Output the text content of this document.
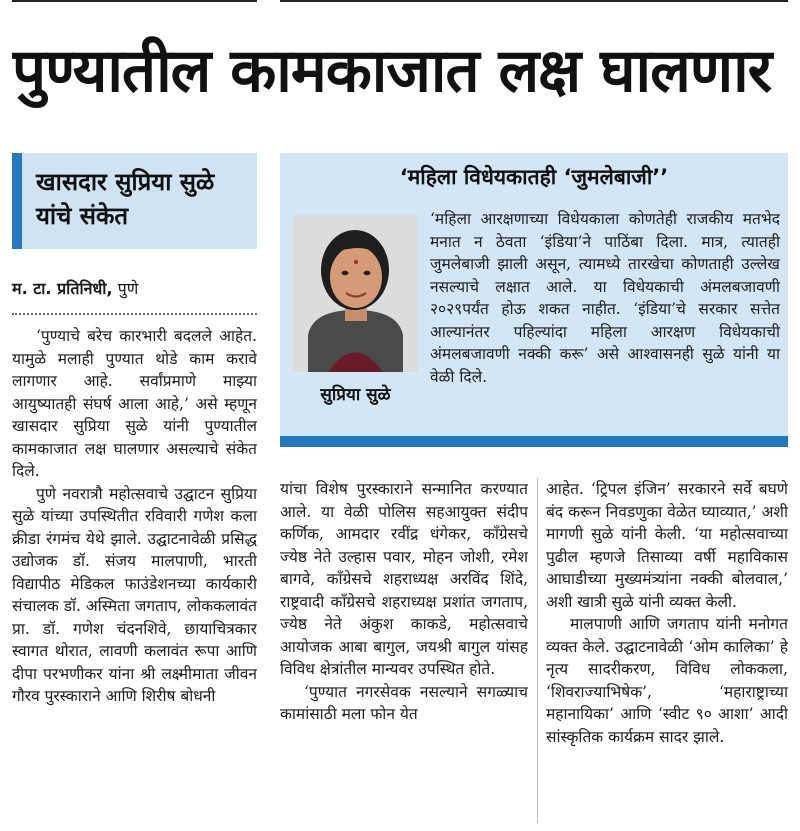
पुण्यातील कामकाजात लक्ष घालणार
खासदार सुप्रिया सुळे यांचे संकेत
म. टा. प्रतिनिधी, पुणे

‘पुण्याचे बरेच कारभारी बदलले आहेत. यामुळे मलाही पुण्यात थोडे काम करावे लागणार आहे. सर्वांप्रमाणे माझ्या आयुष्यातही संघर्ष आला आहे,’ असे म्हणून खासदार सुप्रिया सुळे यांनी पुण्यातील कामकाजात लक्ष घालणार असल्याचे संकेत दिले.

पुणे नवरात्रौ महोत्सवाचे उद्घाटन सुप्रिया सुळे यांच्या उपस्थितीत रविवारी गणेश कला क्रीडा रंगमंच येथे झाले. उद्घाटनावेळी प्रसिद्ध उद्योजक डॉ. संजय मालपाणी, भारती विद्यापीठ मेडिकल फाउंडेशनच्या कार्यकारी संचालक डॉ. अस्मिता जगताप, लोककलावंत प्रा. डॉ. गणेश चंदनशिवे, छायाचित्रकार स्वागत थोरात, लावणी कलावंत रूपा आणि दीपा परभणीकर यांना श्री लक्ष्मीमाता जीवन गौरव पुरस्काराने आणि शिरीष बोधनी

‘महिला विधेयकातही ‘जुमलेबाजी’’
सुप्रिया सुळे

‘महिला आरक्षणाच्या विधेयकाला कोणतेही राजकीय मतभेद मनात न ठेवता ‘इंडिया’ने पाठिंबा दिला. मात्र, त्यातही जुमलेबाजी झाली असून, त्यामध्ये तारखेचा कोणताही उल्लेख नसल्याचे लक्षात आले. या विधेयकाची अंमलबजावणी २०२९पर्यंत होऊ शकत नाहीत. ‘इंडिया’चे सरकार सत्तेत आल्यानंतर पहिल्यांदा महिला आरक्षण विधेयकाची अंमलबजावणी नक्की करू’ असे आश्वासनही सुळे यांनी या वेळी दिले.

यांचा विशेष पुरस्काराने सन्मानित करण्यात आले. या वेळी पोलिस सहआयुक्त संदीप कर्णिक, आमदार रवींद्र धंगेकर, काँग्रेसचे ज्येष्ठ नेते उल्हास पवार, मोहन जोशी, रमेश बागवे, काँग्रेसचे शहराध्यक्ष अरविंद शिंदे, राष्ट्रवादी काँग्रेसचे शहराध्यक्ष प्रशांत जगताप, ज्येष्ठ नेते अंकुश काकडे, महोत्सवाचे आयोजक आबा बागुल, जयश्री बागुल यांसह विविध क्षेत्रांतील मान्यवर उपस्थित होते.

‘पुण्यात नगरसेवक नसल्याने सगळ्याच कामांसाठी मला फोन येत

आहेत. ‘ट्रिपल इंजिन’ सरकारने सर्वे बघणे बंद करून निवडणुका वेळेत घ्याव्यात,’ अशी मागणी सुळे यांनी केली. ‘या महोत्सवाच्या पुढील म्हणजे तिसाव्या वर्षी महाविकास आघाडीच्या मुख्यमंत्र्यांना नक्की बोलवाल,’ अशी खात्री सुळे यांनी व्यक्त केली.

मालपाणी आणि जगताप यांनी मनोगत व्यक्त केले. उद्घाटनावेळी ‘ओम कालिका’ हे नृत्य सादरीकरण, विविध लोककला, ‘शिवराज्याभिषेक’, ‘महाराष्ट्राच्या महानायिका’ आणि ‘स्वीट ९० आशा’ आदी सांस्कृतिक कार्यक्रम सादर झाले.
